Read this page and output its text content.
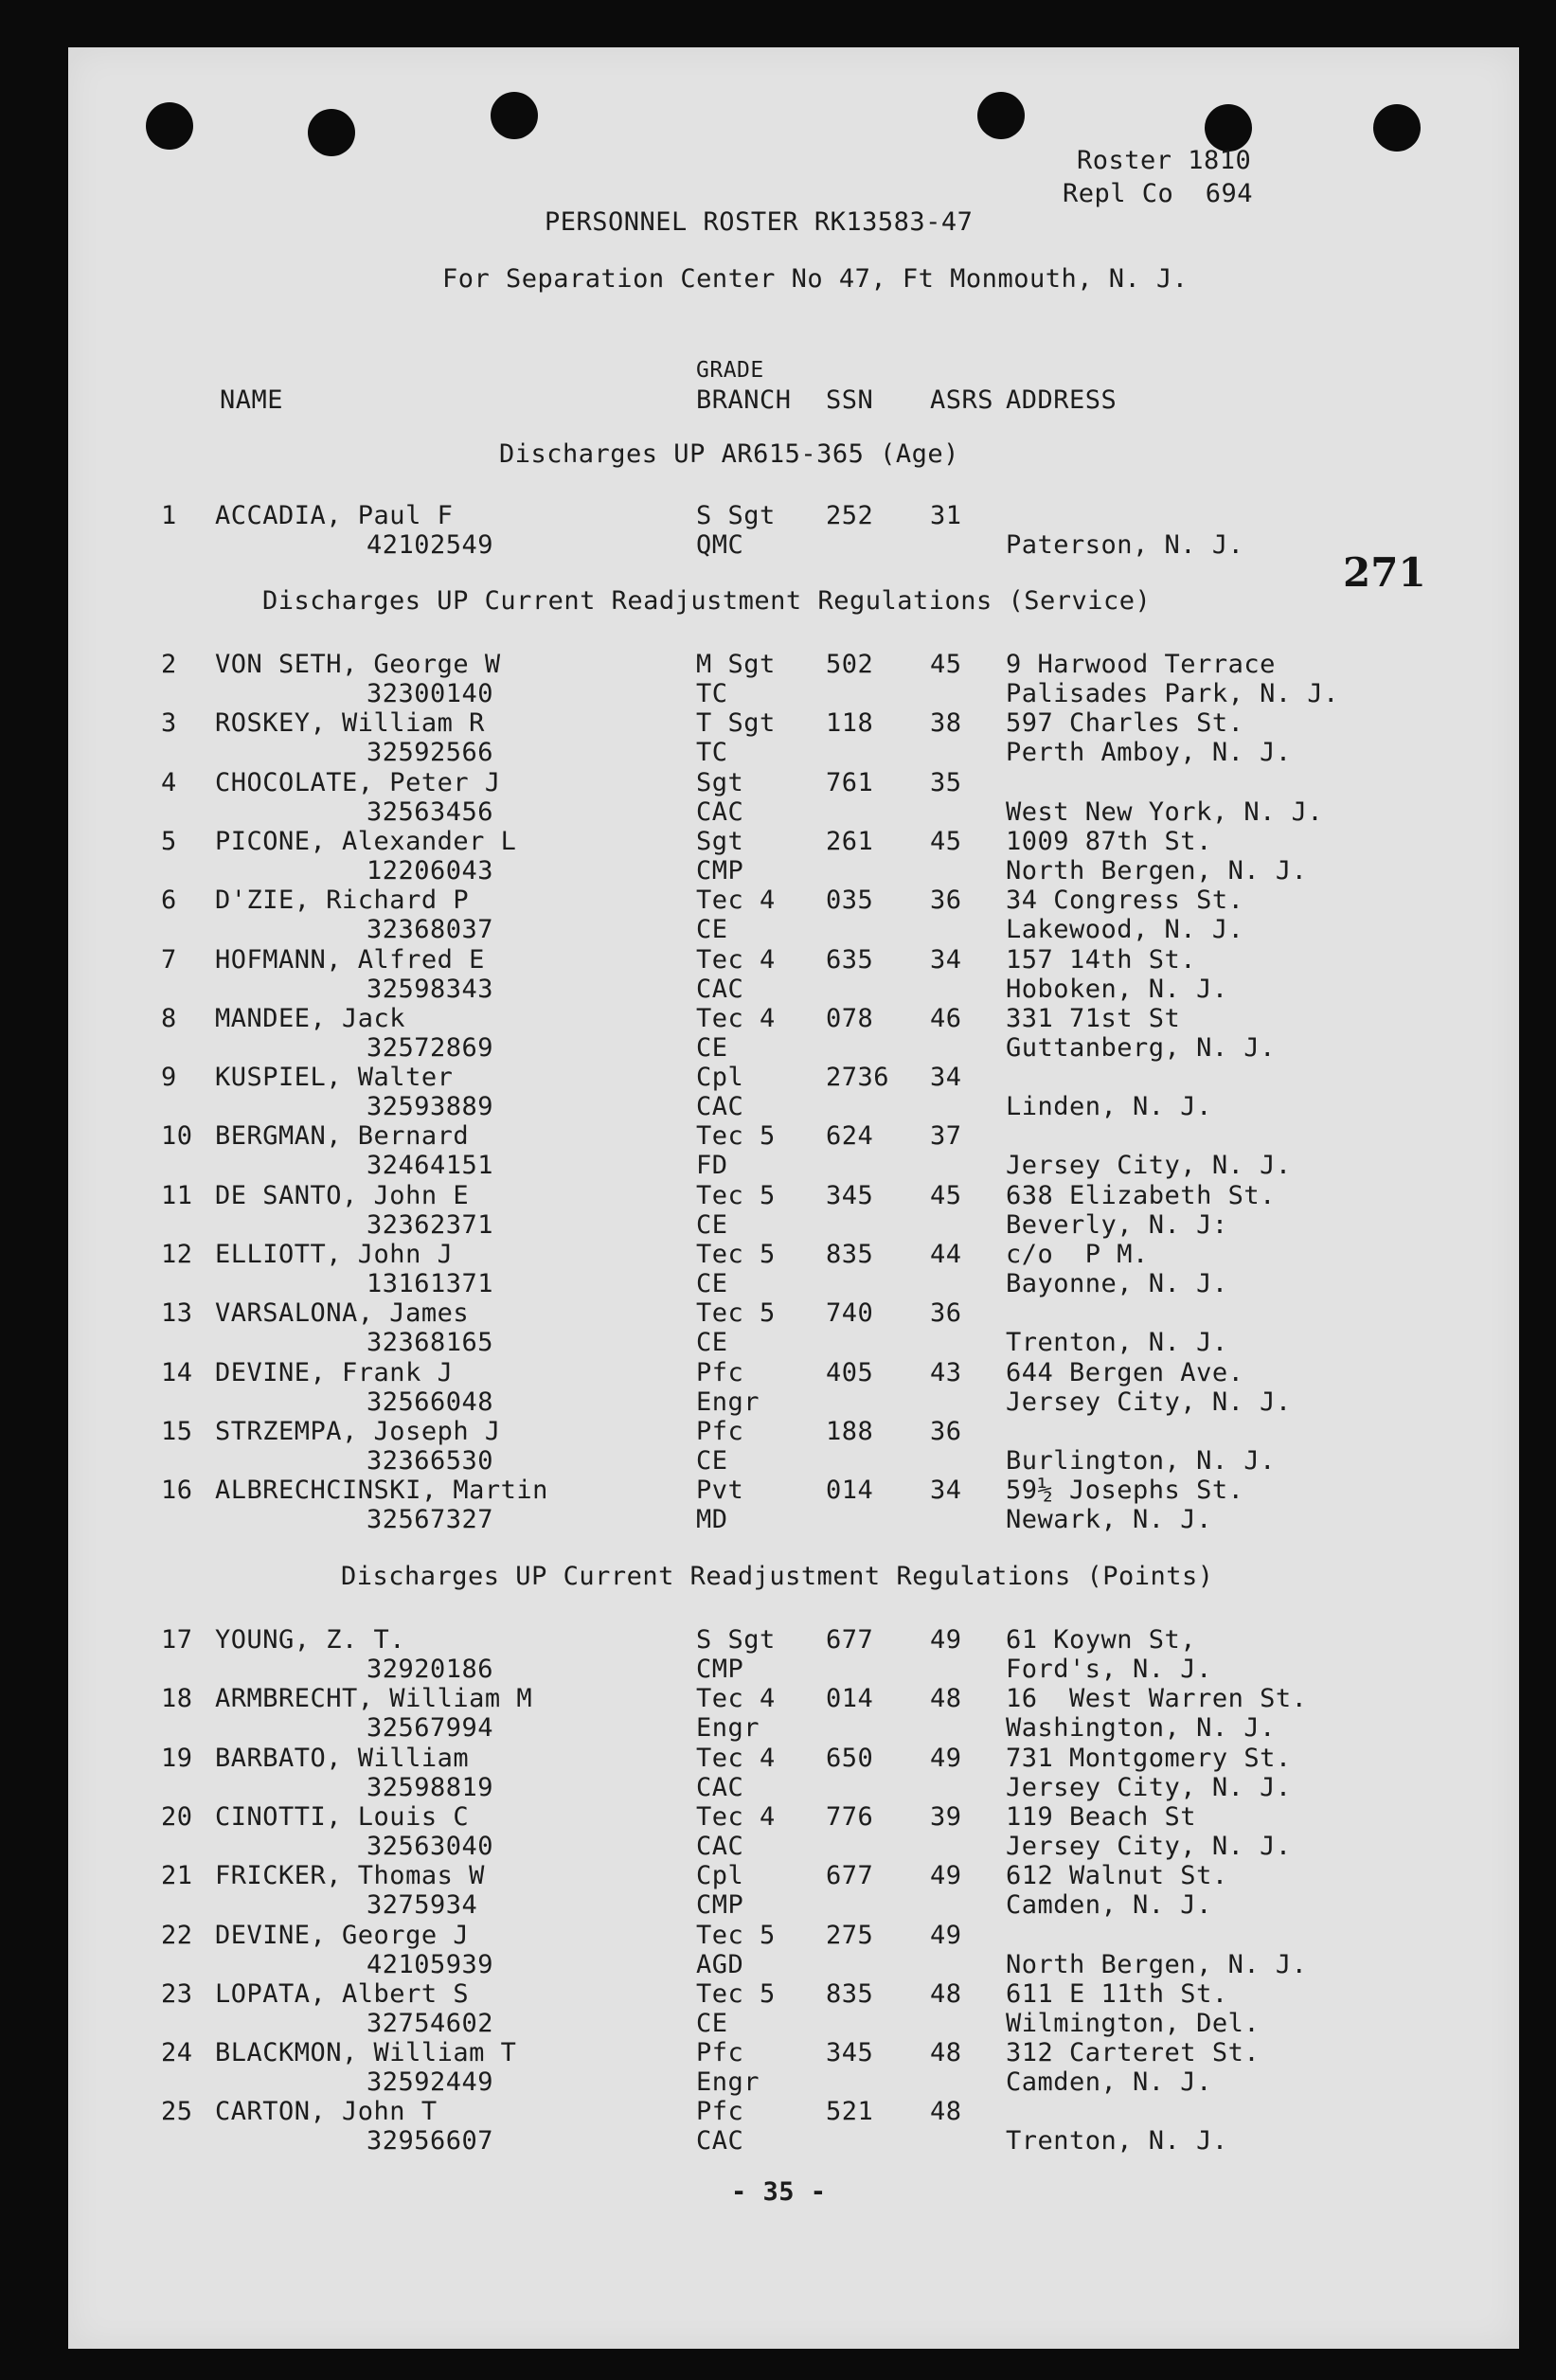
Roster 1810
Repl Co  694
PERSONNEL ROSTER RK13583-47
For Separation Center No 47, Ft Monmouth, N. J.
271
GRADE
NAME	BRANCH SSN ASRS ADDRESS
Discharges UP AR615-365 (Age)
1 ACCADIA, Paul F
42102549
S Sgt
QMC
252 31
Paterson, N. J.
Discharges UP Current Readjustment Regulations (Service)
2 VON SETH, George W
32300140
M Sgt
TC
502 45 9 Harwood Terrace
Palisades Park, N. J.
3 ROSKEY, William R
32592566
T Sgt
TC
118 38 597 Charles St.
Perth Amboy, N. J.
4 CHOCOLATE, Peter J
32563456
Sgt
CAC
761 35
West New York, N. J.
5 PICONE, Alexander L
12206043
Sgt
CMP
261 45 1009 87th St.
North Bergen, N. J.
6 D'ZIE, Richard P
32368037
Tec 4
CE
035 36 34 Congress St.
Lakewood, N. J.
7 HOFMANN, Alfred E
32598343
Tec 4
CAC
635 34 157 14th St.
Hoboken, N. J.
8 MANDEE, Jack
32572869
Tec 4
CE
078 46 331 71st St
Guttanberg, N. J.
9 KUSPIEL, Walter
32593889
Cpl
CAC
2736 34
Linden, N. J.
10 BERGMAN, Bernard
32464151
Tec 5
FD
624 37
Jersey City, N. J.
11 DE SANTO, John E
32362371
Tec 5
CE
345 45 638 Elizabeth St.
Beverly, N. J:
12 ELLIOTT, John J
13161371
Tec 5
CE
835 44 c/o  P M.
Bayonne, N. J.
13 VARSALONA, James
32368165
Tec 5
CE
740 36
Trenton, N. J.
14 DEVINE, Frank J
32566048
Pfc
Engr
405 43 644 Bergen Ave.
Jersey City, N. J.
15 STRZEMPA, Joseph J
32366530
Pfc
CE
188 36
Burlington, N. J.
16 ALBRECHCINSKI, Martin
32567327
Pvt
MD
014 34 59½ Josephs St.
Newark, N. J.
Discharges UP Current Readjustment Regulations (Points)
17 YOUNG, Z. T.
32920186
S Sgt
CMP
677 49 61 Koywn St,
Ford's, N. J.
18 ARMBRECHT, William M
32567994
Tec 4
Engr
014 48 16  West Warren St.
Washington, N. J.
19 BARBATO, William
32598819
Tec 4
CAC
650 49 731 Montgomery St.
Jersey City, N. J.
20 CINOTTI, Louis C
32563040
Tec 4
CAC
776 39 119 Beach St
Jersey City, N. J.
21 FRICKER, Thomas W
3275934
Cpl
CMP
677 49 612 Walnut St.
Camden, N. J.
22 DEVINE, George J
42105939
Tec 5
AGD
275 49
North Bergen, N. J.
23 LOPATA, Albert S
32754602
Tec 5
CE
835 48 611 E 11th St.
Wilmington, Del.
24 BLACKMON, William T
32592449
Pfc
Engr
345 48 312 Carteret St.
Camden, N. J.
25 CARTON, John T
32956607
Pfc
CAC
521 48
Trenton, N. J.
- 35 -
